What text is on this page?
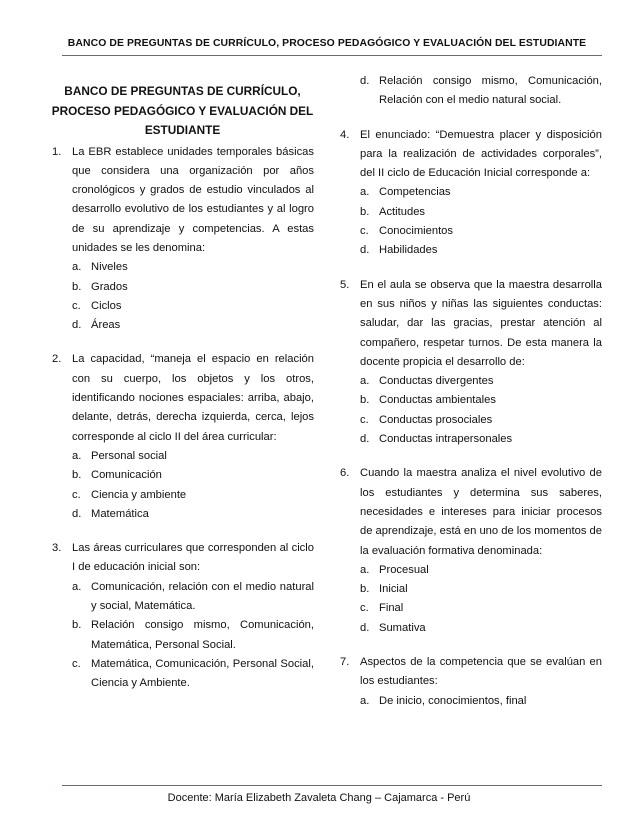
BANCO DE PREGUNTAS DE CURRÍCULO, PROCESO PEDAGÓGICO Y EVALUACIÓN DEL ESTUDIANTE
BANCO DE PREGUNTAS DE CURRÍCULO,
PROCESO PEDAGÓGICO Y EVALUACIÓN DEL
ESTUDIANTE
1. La EBR establece unidades temporales básicas que considera una organización por años cronológicos y grados de estudio vinculados al desarrollo evolutivo de los estudiantes y al logro de su aprendizaje y competencias. A estas unidades se les denomina:
a. Niveles
b. Grados
c. Ciclos
d. Áreas
2. La capacidad, “maneja el espacio en relación con su cuerpo, los objetos y los otros, identificando nociones espaciales: arriba, abajo, delante, detrás, derecha izquierda, cerca, lejos corresponde al ciclo II del área curricular:
a. Personal social
b. Comunicación
c. Ciencia y ambiente
d. Matemática
3. Las áreas curriculares que corresponden al ciclo I de educación inicial son:
a. Comunicación, relación con el medio natural y social, Matemática.
b. Relación consigo mismo, Comunicación, Matemática, Personal Social.
c. Matemática, Comunicación, Personal Social, Ciencia y Ambiente.
d. Relación consigo mismo, Comunicación, Relación con el medio natural social.
4. El enunciado: “Demuestra placer y disposición para la realización de actividades corporales”, del II ciclo de Educación Inicial corresponde a:
a. Competencias
b. Actitudes
c. Conocimientos
d. Habilidades
5. En el aula se observa que la maestra desarrolla en sus niños y niñas las siguientes conductas: saludar, dar las gracias, prestar atención al compañero, respetar turnos. De esta manera la docente propicia el desarrollo de:
a. Conductas divergentes
b. Conductas ambientales
c. Conductas prosociales
d. Conductas intrapersonales
6. Cuando la maestra analiza el nivel evolutivo de los estudiantes y determina sus saberes, necesidades e intereses para iniciar procesos de aprendizaje, está en uno de los momentos de la evaluación formativa denominada:
a. Procesual
b. Inicial
c. Final
d. Sumativa
7. Aspectos de la competencia que se evalúan en los estudiantes:
a. De inicio, conocimientos, final
Docente: María Elizabeth Zavaleta Chang – Cajamarca - Perú
